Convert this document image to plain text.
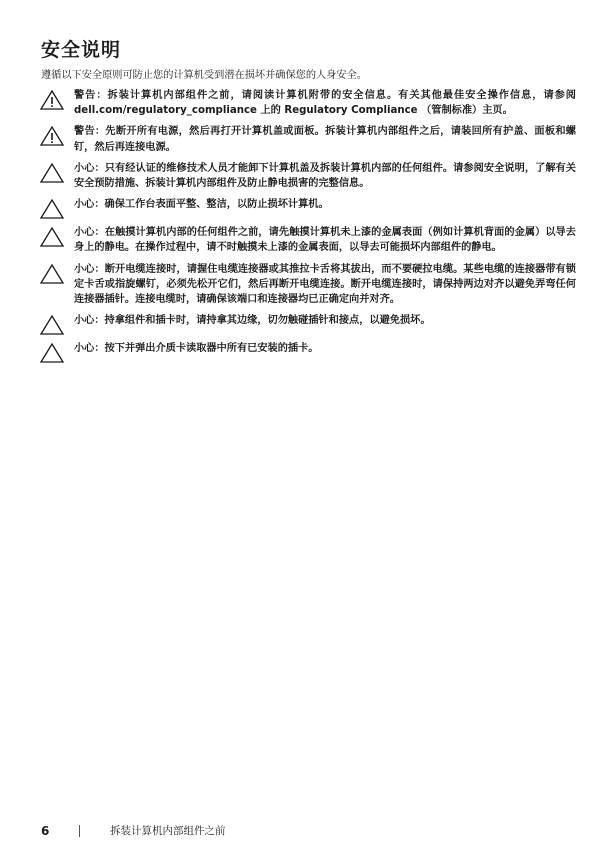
安全说明

遵循以下安全原则可防止您的计算机受到潜在损坏并确保您的人身安全。

警告：拆装计算机内部组件之前，请阅读计算机附带的安全信息。有关其他最佳安全操作信息，请参阅 dell.com/regulatory_compliance 上的 Regulatory Compliance （管制标准）主页。
警告：先断开所有电源，然后再打开计算机盖或面板。拆装计算机内部组件之后，请装回所有护盖、面板和螺钉，然后再连接电源。
小心：只有经认证的维修技术人员才能卸下计算机盖及拆装计算机内部的任何组件。请参阅安全说明，了解有关安全预防措施、拆装计算机内部组件及防止静电损害的完整信息。
小心：确保工作台表面平整、整洁，以防止损坏计算机。
小心：在触摸计算机内部的任何组件之前，请先触摸计算机未上漆的金属表面（例如计算机背面的金属）以导去身上的静电。在操作过程中，请不时触摸未上漆的金属表面，以导去可能损坏内部组件的静电。
小心：断开电缆连接时，请握住电缆连接器或其推拉卡舌将其拔出，而不要硬拉电缆。某些电缆的连接器带有锁定卡舌或指旋螺钉，必须先松开它们，然后再断开电缆连接。断开电缆连接时，请保持两边对齐以避免弄弯任何连接器插针。连接电缆时，请确保该端口和连接器均已正确定向并对齐。
小心：持拿组件和插卡时，请持拿其边缘，切勿触碰插针和接点，以避免损坏。
小心：按下并弹出介质卡读取器中所有已安装的插卡。
6	拆装计算机内部组件之前
